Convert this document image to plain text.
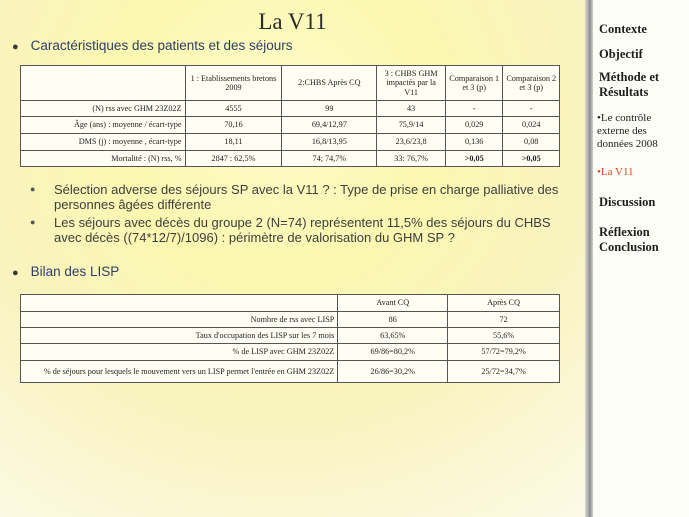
La V11
● Caractéristiques des patients et des séjours
	1 : Etablissements bretons 2009	2:CHBS Après CQ	3 : CHBS GHM impactés par la V11	Comparaison 1 et 3 (p)	Comparaison 2 et 3 (p)
(N) rss avec GHM 23Z02Z	4555	99	43	-	-
Âge (ans) : moyenne / écart-type	70,16	69,4/12,97	75,9/14	0,029	0,024
DMS (j) : moyenne , écart-type	18,11	16,8/13,95	23,6/23,8	0,136	0,08
Mortalité : (N) rss, %	2847 : 62,5%	74; 74,7%	33: 76,7%	>0,05	>0,05
● Sélection adverse des séjours SP avec la V11 ? : Type de prise en charge palliative des personnes âgées différente
● Les séjours avec décès du groupe 2 (N=74) représentent 11,5% des séjours du CHBS avec décès ((74*12/7)/1096) : périmètre de valorisation du GHM SP ?
● Bilan des LISP
	Avant CQ	Après CQ
Nombre de rss avec LISP	86	72
Taux d'occupation des LISP sur les 7 mois	63,65%	55,6%
% de LISP avec GHM 23Z02Z	69/86=80,2%	57/72=79,2%
% de séjours pour lesquels le mouvement vers un LISP permet l'entrée en GHM 23Z02Z	26/86=30,2%	25/72=34,7%
Contexte
Objectif
Méthode et Résultats
•Le contrôle externe des données 2008
•La V11
Discussion
Réflexion Conclusion
